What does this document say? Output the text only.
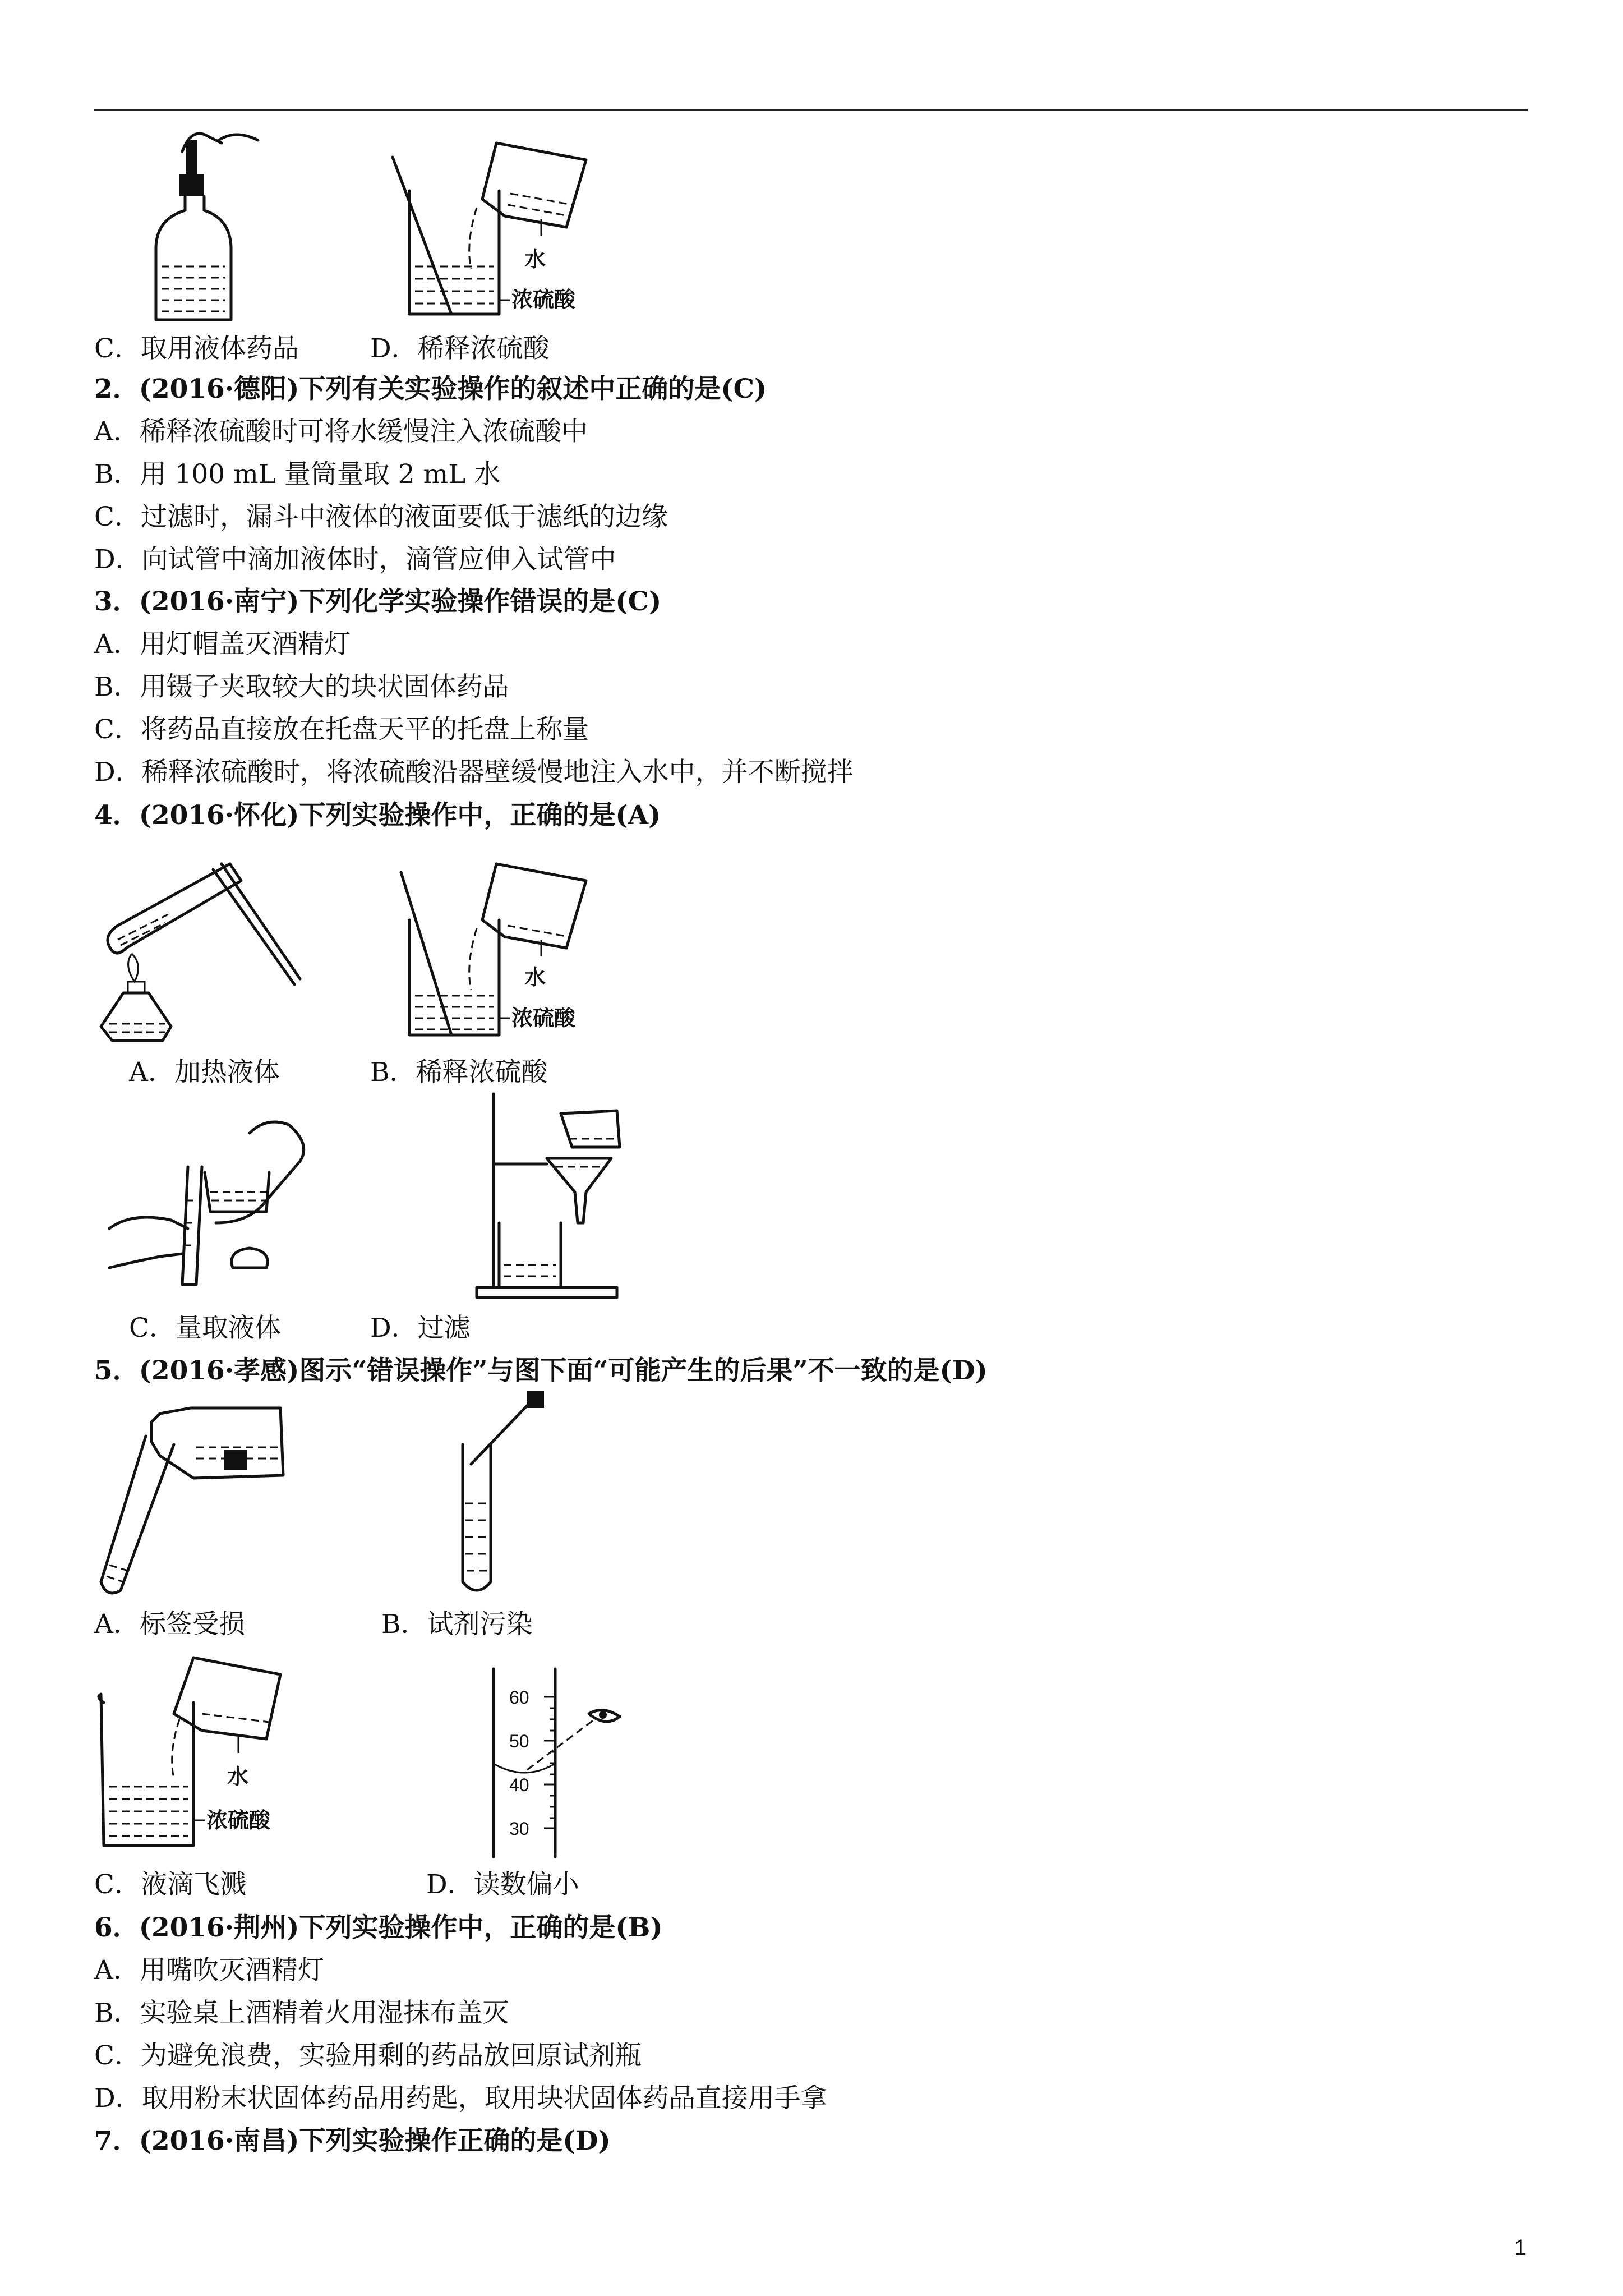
水
浓硫酸
C．取用液体药品	D．稀释浓硫酸
2．(2016·德阳)下列有关实验操作的叙述中正确的是(C)
A．稀释浓硫酸时可将水缓慢注入浓硫酸中
B．用 100 mL 量筒量取 2 mL 水
C．过滤时，漏斗中液体的液面要低于滤纸的边缘
D．向试管中滴加液体时，滴管应伸入试管中
3．(2016·南宁)下列化学实验操作错误的是(C)
A．用灯帽盖灭酒精灯
B．用镊子夹取较大的块状固体药品
C．将药品直接放在托盘天平的托盘上称量
D．稀释浓硫酸时，将浓硫酸沿器壁缓慢地注入水中，并不断搅拌
4．(2016·怀化)下列实验操作中，正确的是(A)
水
浓硫酸
A．加热液体	B．稀释浓硫酸
C．量取液体	D．过滤
5．(2016·孝感)图示“错误操作”与图下面“可能产生的后果”不一致的是(D)
A．标签受损	B．试剂污染
水
浓硫酸
60
50
40
30
C．液滴飞溅	D．读数偏小
6．(2016·荆州)下列实验操作中，正确的是(B)
A．用嘴吹灭酒精灯
B．实验桌上酒精着火用湿抹布盖灭
C．为避免浪费，实验用剩的药品放回原试剂瓶
D．取用粉末状固体药品用药匙，取用块状固体药品直接用手拿
7．(2016·南昌)下列实验操作正确的是(D)
1
